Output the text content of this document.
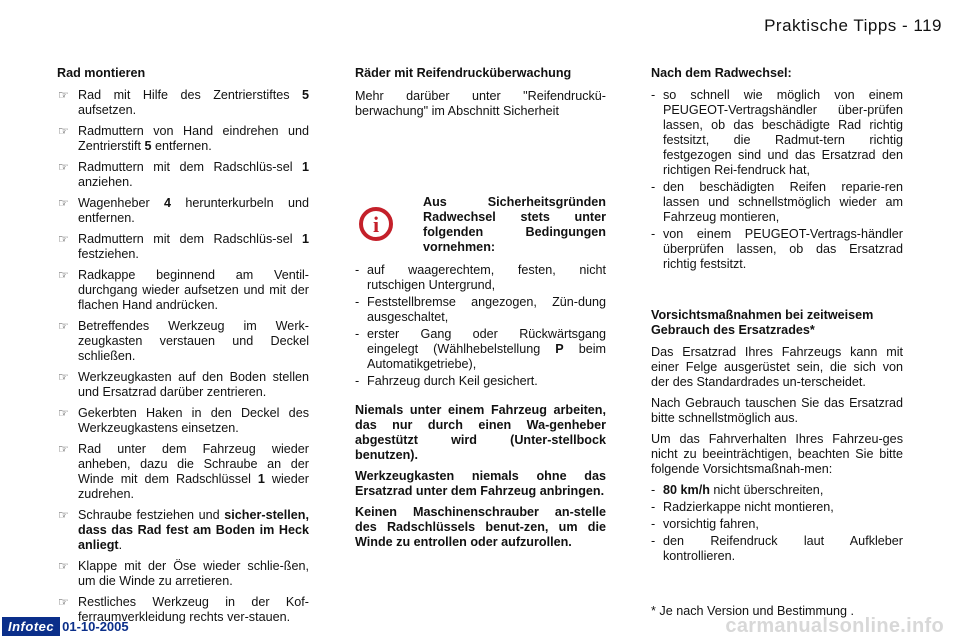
Praktische Tipps - 119
Rad montieren
☞ Rad mit Hilfe des Zentrierstiftes 5 aufsetzen.
☞ Radmuttern von Hand eindrehen und Zentrierstift 5 entfernen.
☞ Radmuttern mit dem Radschlüs-sel 1 anziehen.
☞ Wagenheber 4 herunterkurbeln und entfernen.
☞ Radmuttern mit dem Radschlüs-sel 1 festziehen.
☞ Radkappe beginnend am Ventil-durchgang wieder aufsetzen und mit der flachen Hand andrücken.
☞ Betreffendes Werkzeug im Werk-zeugkasten verstauen und Deckel schließen.
☞ Werkzeugkasten auf den Boden stellen und Ersatzrad darüber zentrieren.
☞ Gekerbten Haken in den Deckel des Werkzeugkastens einsetzen.
☞ Rad unter dem Fahrzeug wieder anheben, dazu die Schraube an der Winde mit dem Radschlüssel 1 wieder zudrehen.
☞ Schraube festziehen und sicher-stellen, dass das Rad fest am Boden im Heck anliegt.
☞ Klappe mit der Öse wieder schlie-ßen, um die Winde zu arretieren.
☞ Restliches Werkzeug in der Kof-ferraumverkleidung rechts ver-stauen.
Räder mit Reifendrucküberwachung

Mehr darüber unter "Reifendruckü-berwachung" im Abschnitt Sicherheit

i
Aus Sicherheitsgründen Radwechsel stets unter folgenden Bedingungen vornehmen:
- auf waagerechtem, festen, nicht rutschigen Untergrund,
- Feststellbremse angezogen, Zün-dung ausgeschaltet,
- erster Gang oder Rückwärtsgang eingelegt (Wählhebelstellung P beim Automatikgetriebe),
- Fahrzeug durch Keil gesichert.
Niemals unter einem Fahrzeug arbeiten, das nur durch einen Wa-genheber abgestützt wird (Unter-stellbock benutzen).
Werkzeugkasten niemals ohne das Ersatzrad unter dem Fahrzeug anbringen.
Keinen Maschinenschrauber an-stelle des Radschlüssels benut-zen, um die Winde zu entrollen oder aufzurollen.
Nach dem Radwechsel:
- so schnell wie möglich von einem PEUGEOT-Vertragshändler über-prüfen lassen, ob das beschädigte Rad richtig festsitzt, die Radmut-tern richtig festgezogen sind und das Ersatzrad den richtigen Rei-fendruck hat,
- den beschädigten Reifen reparie-ren lassen und schnellstmöglich wieder am Fahrzeug montieren,
- von einem PEUGEOT-Vertrags-händler überprüfen lassen, ob das Ersatzrad richtig festsitzt.
Vorsichtsmaßnahmen bei zeitweisem Gebrauch des Ersatzrades*

Das Ersatzrad Ihres Fahrzeugs kann mit einer Felge ausgerüstet sein, die sich von der des Standardrades un-terscheidet.

Nach Gebrauch tauschen Sie das Ersatzrad bitte schnellstmöglich aus.

Um das Fahrverhalten Ihres Fahrzeu-ges nicht zu beeinträchtigen, beachten Sie bitte folgende Vorsichtsmaßnah-men:

- 80 km/h nicht überschreiten,
- Radzierkappe nicht montieren,
- vorsichtig fahren,
- den Reifendruck laut Aufkleber kontrollieren.
* Je nach Version und Bestimmung .
Infotec 01-10-2005	carmanualsonline.info
